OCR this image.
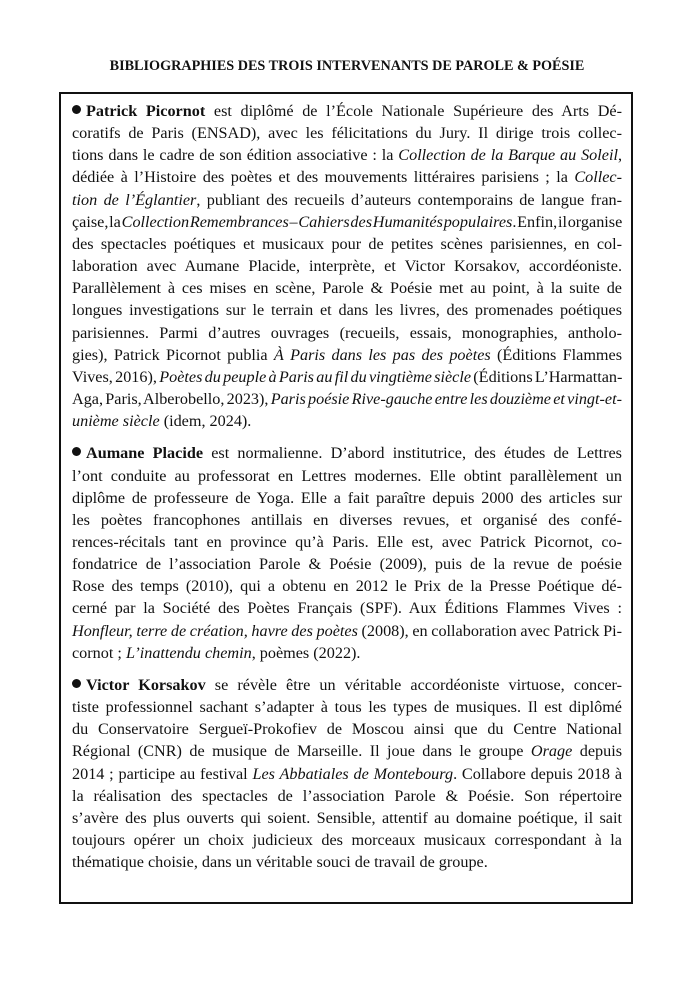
BIBLIOGRAPHIES DES TROIS INTERVENANTS DE PAROLE & POÉSIE
Patrick Picornot est diplômé de l’École Nationale Supérieure des Arts Dé-
coratifs de Paris (ENSAD), avec les félicitations du Jury. Il dirige trois collec-
tions dans le cadre de son édition associative : la Collection de la Barque au Soleil,
dédiée à l’Histoire des poètes et des mouvements littéraires parisiens ; la Collec-
tion de l’Églantier, publiant des recueils d’auteurs contemporains de langue fran-
çaise, la Collection Remembrances – Cahiers des Humanités populaires. Enfin, il organise
des spectacles poétiques et musicaux pour de petites scènes parisiennes, en col-
laboration avec Aumane Placide, interprète, et Victor Korsakov, accordéoniste.
Parallèlement à ces mises en scène, Parole & Poésie met au point, à la suite de
longues investigations sur le terrain et dans les livres, des promenades poétiques
parisiennes. Parmi d’autres ouvrages (recueils, essais, monographies, antholo-
gies), Patrick Picornot publia À Paris dans les pas des poètes (Éditions Flammes
Vives, 2016), Poètes du peuple à Paris au fil du vingtième siècle (Éditions L’Harmattan-
Aga, Paris, Alberobello, 2023), Paris poésie Rive-gauche entre les douzième et vingt-et-
unième siècle (idem, 2024).
Aumane Placide est normalienne. D’abord institutrice, des études de Lettres
l’ont conduite au professorat en Lettres modernes. Elle obtint parallèlement un
diplôme de professeure de Yoga. Elle a fait paraître depuis 2000 des articles sur
les poètes francophones antillais en diverses revues, et organisé des confé-
rences-récitals tant en province qu’à Paris. Elle est, avec Patrick Picornot, co-
fondatrice de l’association Parole & Poésie (2009), puis de la revue de poésie
Rose des temps (2010), qui a obtenu en 2012 le Prix de la Presse Poétique dé-
cerné par la Société des Poètes Français (SPF). Aux Éditions Flammes Vives :
Honfleur, terre de création, havre des poètes (2008), en collaboration avec Patrick Pi-
cornot ; L’inattendu chemin, poèmes (2022).
Victor Korsakov se révèle être un véritable accordéoniste virtuose, concer-
tiste professionnel sachant s’adapter à tous les types de musiques. Il est diplômé
du Conservatoire Sergueï-Prokofiev de Moscou ainsi que du Centre National
Régional (CNR) de musique de Marseille. Il joue dans le groupe Orage depuis
2014 ; participe au festival Les Abbatiales de Montebourg. Collabore depuis 2018 à
la réalisation des spectacles de l’association Parole & Poésie. Son répertoire
s’avère des plus ouverts qui soient. Sensible, attentif au domaine poétique, il sait
toujours opérer un choix judicieux des morceaux musicaux correspondant à la
thématique choisie, dans un véritable souci de travail de groupe.
